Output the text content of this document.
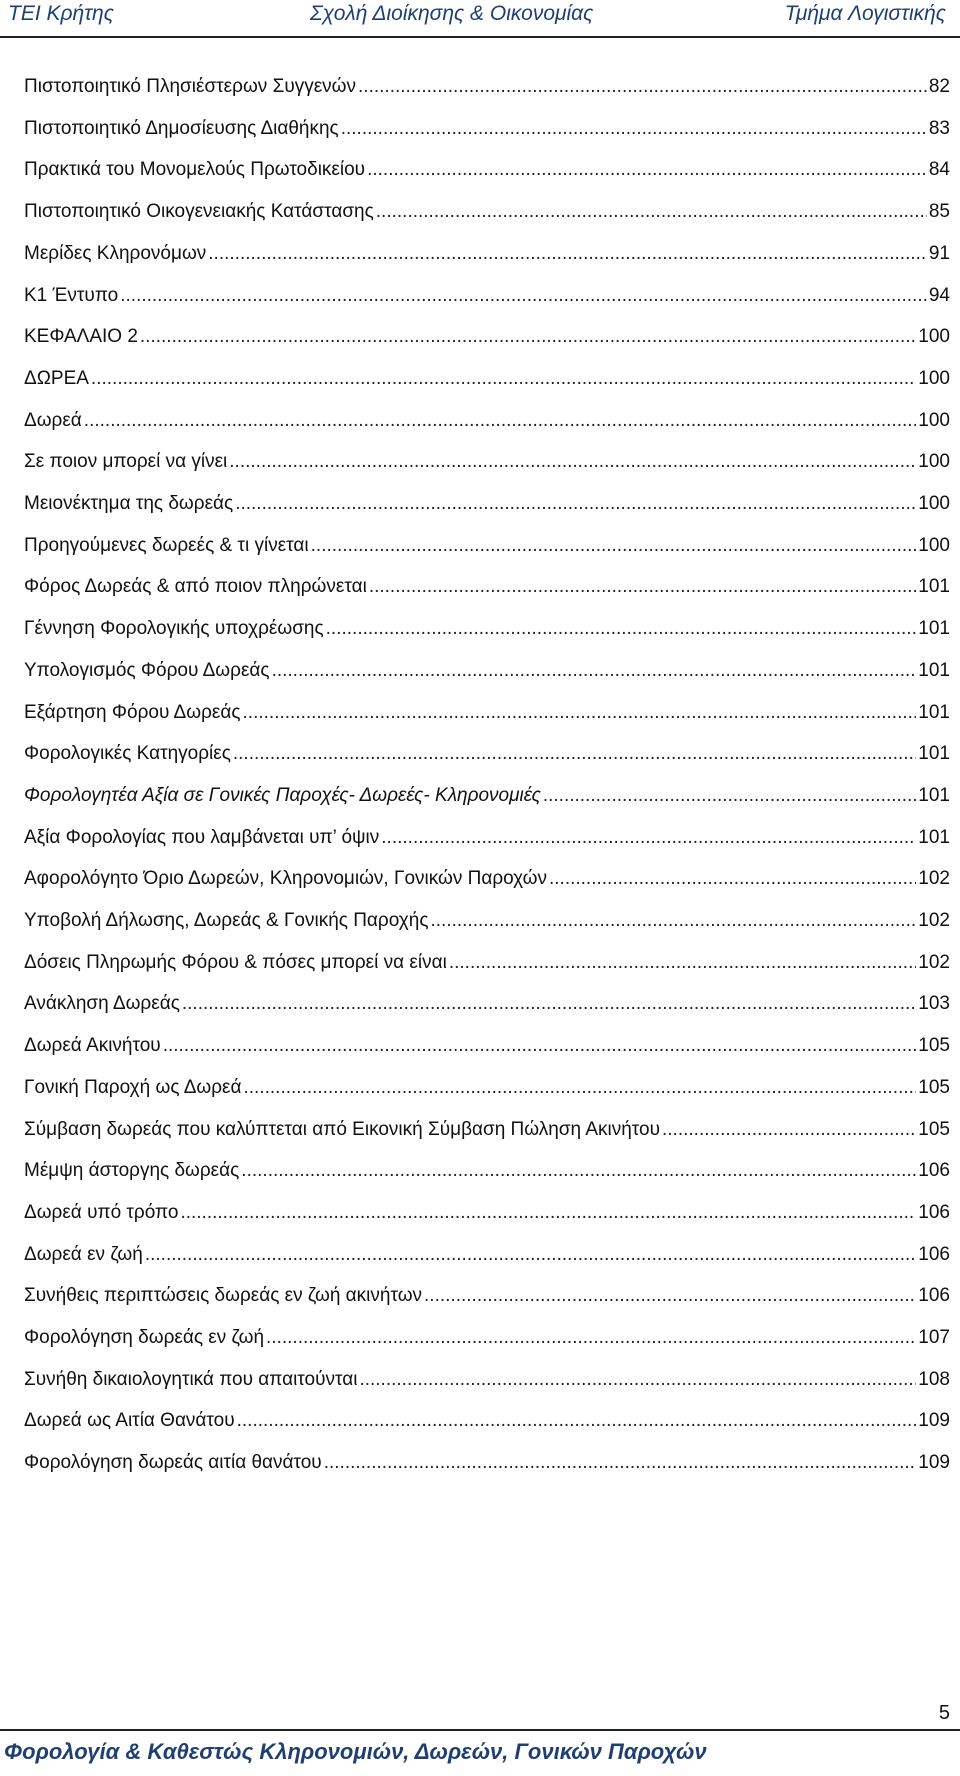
ΤΕΙ Κρήτης	Σχολή Διοίκησης & Οικονομίας	Τμήμα Λογιστικής
Πιστοποιητικό Πλησιέστερων Συγγενών .....	82
Πιστοποιητικό Δημοσίευσης Διαθήκης .....	83
Πρακτικά του Μονομελούς Πρωτοδικείου .....	84
Πιστοποιητικό Οικογενειακής Κατάστασης .....	85
Μερίδες Κληρονόμων .....	91
Κ1 Έντυπο .....	94
ΚΕΦΑΛΑΙΟ 2 .....	100
ΔΩΡΕΑ .....	100
Δωρεά .....	100
Σε ποιον μπορεί να γίνει .....	100
Μειονέκτημα της δωρεάς .....	100
Προηγούμενες δωρεές & τι γίνεται .....	100
Φόρος Δωρεάς & από ποιον πληρώνεται .....	101
Γέννηση Φορολογικής υποχρέωσης .....	101
Υπολογισμός Φόρου Δωρεάς .....	101
Εξάρτηση Φόρου Δωρεάς .....	101
Φορολογικές Κατηγορίες .....	101
Φορολογητέα Αξία σε Γονικές Παροχές- Δωρεές- Κληρονομιές .....	101
Αξία Φορολογίας που λαμβάνεται υπ’ όψιν .....	101
Αφορολόγητο Όριο Δωρεών, Κληρονομιών, Γονικών Παροχών .....	102
Υποβολή Δήλωσης, Δωρεάς & Γονικής Παροχής .....	102
Δόσεις Πληρωμής Φόρου & πόσες μπορεί να είναι .....	102
Ανάκληση Δωρεάς .....	103
Δωρεά Ακινήτου .....	105
Γονική Παροχή ως Δωρεά .....	105
Σύμβαση δωρεάς που καλύπτεται από Εικονική Σύμβαση Πώληση Ακινήτου .....	105
Μέμψη άστοργης δωρεάς .....	106
Δωρεά υπό τρόπο .....	106
Δωρεά εν ζωή .....	106
Συνήθεις περιπτώσεις δωρεάς εν ζωή ακινήτων .....	106
Φορολόγηση δωρεάς εν ζωή .....	107
Συνήθη δικαιολογητικά που απαιτούνται .....	108
Δωρεά ως Αιτία Θανάτου .....	109
Φορολόγηση δωρεάς αιτία θανάτου .....	109
5
Φορολογία & Καθεστώς Κληρονομιών, Δωρεών, Γονικών Παροχών
